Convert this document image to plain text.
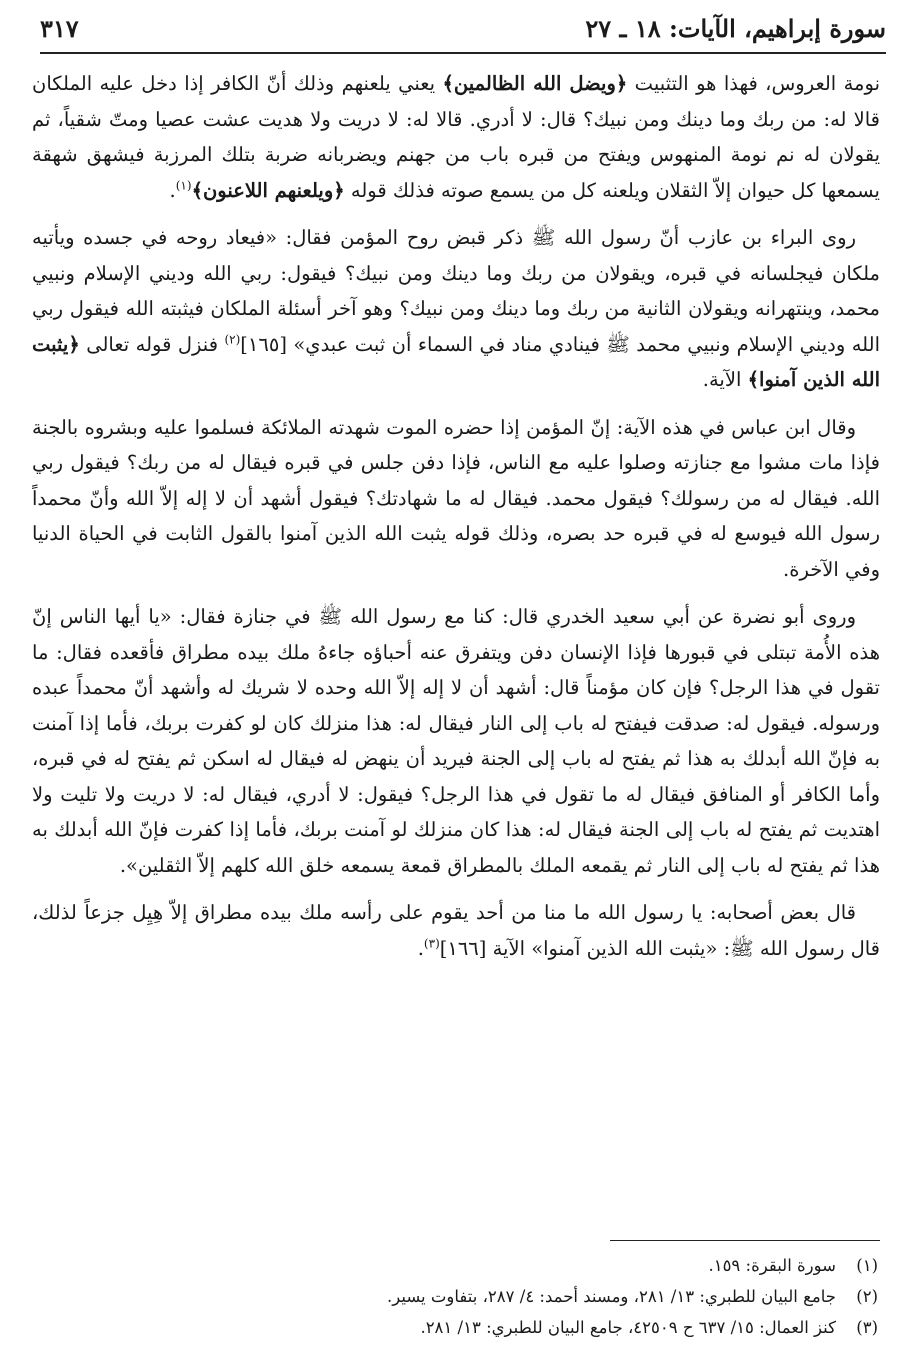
سورة إبراهيم، الآيات: ١٨ ـ ٢٧
٣١٧

نومة العروس، فهذا هو التثبيت ﴿ويضل الله الظالمين﴾ يعني يلعنهم وذلك أنّ الكافر إذا دخل عليه الملكان قالا له: من ربك وما دينك ومن نبيك؟ قال: لا أدري. قالا له: لا دريت ولا هديت عشت عصيا ومتّ شقياً، ثم يقولان له نم نومة المنهوس ويفتح من قبره باب من جهنم ويضربانه ضربة بتلك المرزبة فيشهق شهقة يسمعها كل حيوان إلاّ الثقلان ويلعنه كل من يسمع صوته فذلك قوله ﴿ويلعنهم اللاعنون﴾$^{(١)}$.

روى البراء بن عازب أنّ رسول الله ﷺ ذكر قبض روح المؤمن فقال: «فيعاد روحه في جسده ويأتيه ملكان فيجلسانه في قبره، ويقولان من ربك وما دينك ومن نبيك؟ فيقول: ربي الله وديني الإسلام ونبيي محمد، وينتهرانه ويقولان الثانية من ربك وما دينك ومن نبيك؟ وهو آخر أسئلة الملكان فيثبته الله فيقول ربي الله وديني الإسلام ونبيي محمد ﷺ فينادي مناد في السماء أن ثبت عبدي» [١٦٥]$^{(٢)}$ فنزل قوله تعالى ﴿يثبت الله الذين آمنوا﴾ الآية.

وقال ابن عباس في هذه الآية: إنّ المؤمن إذا حضره الموت شهدته الملائكة فسلموا عليه وبشروه بالجنة فإذا مات مشوا مع جنازته وصلوا عليه مع الناس، فإذا دفن جلس في قبره فيقال له من ربك؟ فيقول ربي الله. فيقال له من رسولك؟ فيقول محمد. فيقال له ما شهادتك؟ فيقول أشهد أن لا إله إلاّ الله وأنّ محمداً رسول الله فيوسع له في قبره حد بصره، وذلك قوله يثبت الله الذين آمنوا بالقول الثابت في الحياة الدنيا وفي الآخرة.

وروى أبو نضرة عن أبي سعيد الخدري قال: كنا مع رسول الله ﷺ في جنازة فقال: «يا أيها الناس إنّ هذه الأُمة تبتلى في قبورها فإذا الإنسان دفن ويتفرق عنه أحباؤه جاءهُ ملك بيده مطراق فأقعده فقال: ما تقول في هذا الرجل؟ فإن كان مؤمناً قال: أشهد أن لا إله إلاّ الله وحده لا شريك له وأشهد أنّ محمداً عبده ورسوله. فيقول له: صدقت فيفتح له باب إلى النار فيقال له: هذا منزلك كان لو كفرت بربك، فأما إذا آمنت به فإنّ الله أبدلك به هذا ثم يفتح له باب إلى الجنة فيريد أن ينهض له فيقال له اسكن ثم يفتح له في قبره، وأما الكافر أو المنافق فيقال له ما تقول في هذا الرجل؟ فيقول: لا أدري، فيقال له: لا دريت ولا تليت ولا اهتديت ثم يفتح له باب إلى الجنة فيقال له: هذا كان منزلك لو آمنت بربك، فأما إذا كفرت فإنّ الله أبدلك به هذا ثم يفتح له باب إلى النار ثم يقمعه الملك بالمطراق قمعة يسمعه خلق الله كلهم إلاّ الثقلين».

قال بعض أصحابه: يا رسول الله ما منا من أحد يقوم على رأسه ملك بيده مطراق إلاّ هِيِل جزعاً لذلك، قال رسول الله ﷺ: «يثبت الله الذين آمنوا» الآية [١٦٦]$^{(٣)}$.

(١)
سورة البقرة: ١٥٩.
(٢)
جامع البيان للطبري: ١٣/ ٢٨١، ومسند أحمد: ٤/ ٢٨٧، بتفاوت يسير.
(٣)
كنز العمال: ١٥/ ٦٣٧ ح ٤٢٥٠٩، جامع البيان للطبري: ١٣/ ٢٨١.
